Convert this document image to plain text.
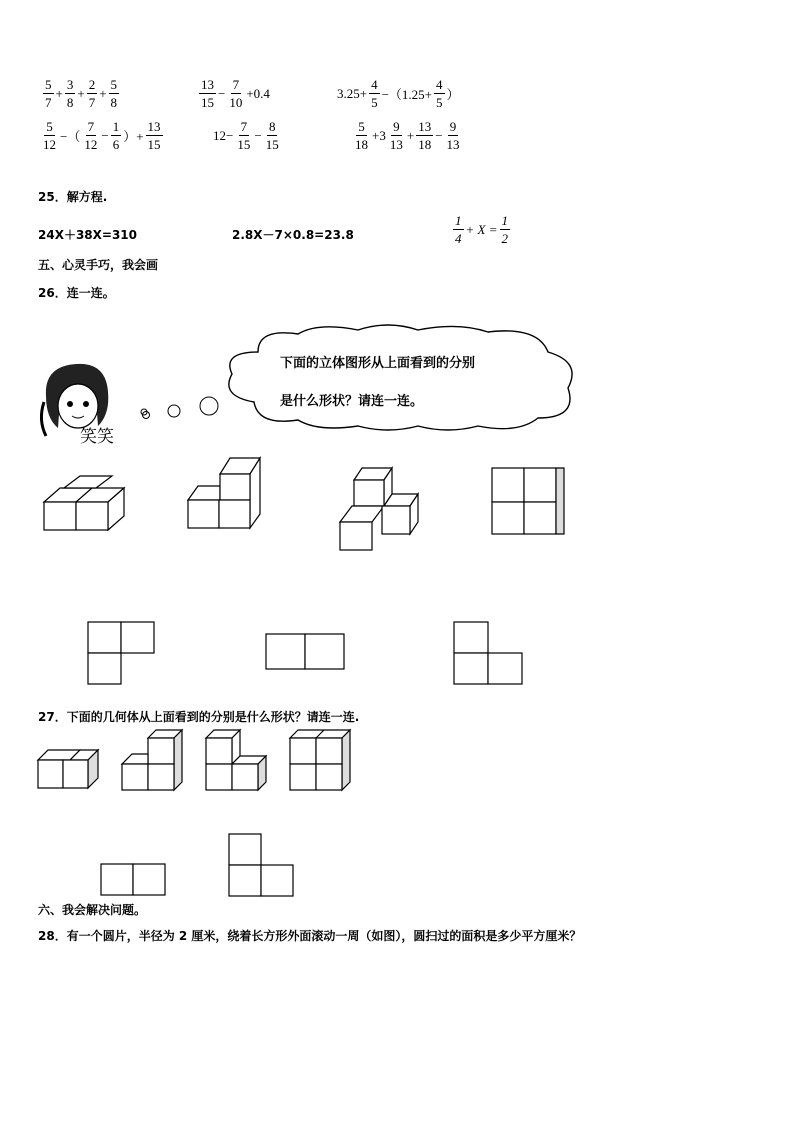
$\frac{5}{7} + \frac{3}{8} + \frac{2}{7} + \frac{5}{8}$	$\frac{13}{15} - \frac{7}{10} +0.4$	$3.25+ \frac{4}{5} -(1.25+ \frac{4}{5}$ ）
$\frac{5}{12}$ −（ $\frac{7}{12} - \frac{1}{6}$ ）+ $\frac{13}{15}$	$12- \frac{7}{15} - \frac{8}{15}$	$\frac{5}{18} +3 \frac{9}{13} + \frac{13}{18} - \frac{9}{13}$
25．解方程.
24X＋38X=310	2.8X－7×0.8=23.8	$\frac{1}{4} + X = \frac{1}{2}$
五、心灵手巧，我会画
26．连一连。
笑笑
下面的立体图形从上面看到的分别
是什么形状？请连一连。
27．下面的几何体从上面看到的分别是什么形状？请连一连.
六、我会解决问题。
28．有一个圆片，半径为 2 厘米，绕着长方形外面滚动一周（如图），圆扫过的面积是多少平方厘米？
